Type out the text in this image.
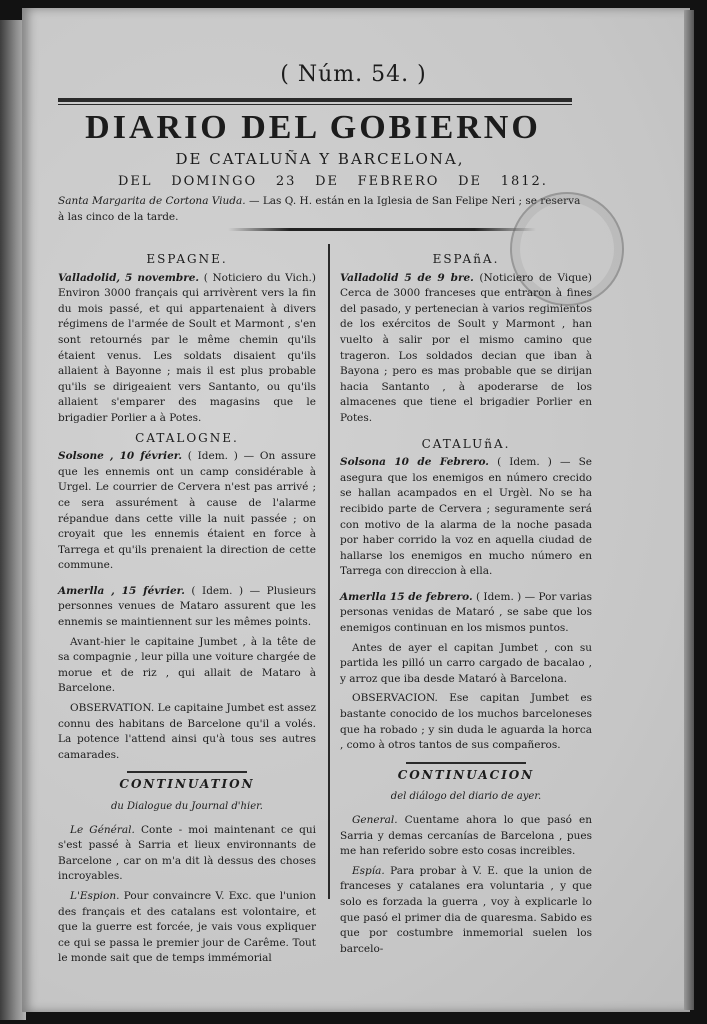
( Núm. 54. )
DIARIO DEL GOBIERNO
DE CATALUÑA Y BARCELONA,
DEL DOMINGO 23 DE FEBRERO DE 1812.
Santa Margarita de Cortona Viuda. — Las Q. H. están en la Iglesia de San Felipe Neri ; se reserva à las cinco de la tarde.
ESPAGNE.
Valladolid, 5 novembre. ( Noticiero du Vich.) Environ 3000 français qui arrivèrent vers la fin du mois passé, et qui appartenaient à divers régimens de l'armée de Soult et Marmont , s'en sont retournés par le même chemin qu'ils étaient venus. Les soldats disaient qu'ils allaient à Bayonne ; mais il est plus probable qu'ils se dirigeaient vers Santanto, ou qu'ils allaient s'emparer des magasins que le brigadier Porlier a à Potes.
CATALOGNE.
Solsone , 10 février. ( Idem. ) — On assure que les ennemis ont un camp considérable à Urgel. Le courrier de Cervera n'est pas arrivé ; ce sera assurément à cause de l'alarme répandue dans cette ville la nuit passée ; on croyait que les ennemis étaient en force à Tarrega et qu'ils prenaient la direction de cette commune.
Amerlla , 15 février. ( Idem. ) — Plusieurs personnes venues de Mataro assurent que les ennemis se maintiennent sur les mêmes points.
Avant-hier le capitaine Jumbet , à la tête de sa compagnie , leur pilla une voiture chargée de morue et de riz , qui allait de Mataro à Barcelone.
OBSERVATION. Le capitaine Jumbet est assez connu des habitans de Barcelone qu'il a volés. La potence l'attend ainsi qu'à tous ses autres camarades.
CONTINUATION
du Dialogue du Journal d'hier.
Le Général. Conte - moi maintenant ce qui s'est passé à Sarria et lieux environnants de Barcelone , car on m'a dit là dessus des choses incroyables.
L'Espion. Pour convaincre V. Exc. que l'union des français et des catalans est volontaire, et que la guerre est forcée, je vais vous expliquer ce qui se passa le premier jour de Carême. Tout le monde sait que de temps immémorial
ESPAñA.
Valladolid 5 de 9 bre. (Noticiero de Vique) Cerca de 3000 franceses que entraron à fines del pasado, y pertenecian à varios regimientos de los exércitos de Soult y Marmont , han vuelto à salir por el mismo camino que trageron. Los soldados decian que iban à Bayona ; pero es mas probable que se dirijan hacia Santanto , à apoderarse de los almacenes que tiene el brigadier Porlier en Potes.
CATALUñA.
Solsona 10 de Febrero. ( Idem. ) — Se asegura que los enemigos en número crecido se hallan acampados en el Urgèl. No se ha recibido parte de Cervera ; seguramente será con motivo de la alarma de la noche pasada por haber corrido la voz en aquella ciudad de hallarse los enemigos en mucho número en Tarrega con direccion à ella.
Amerlla 15 de febrero. ( Idem. ) — Por varias personas venidas de Mataró , se sabe que los enemigos continuan en los mismos puntos.
Antes de ayer el capitan Jumbet , con su partida les pilló un carro cargado de bacalao , y arroz que iba desde Mataró à Barcelona.
OBSERVACION. Ese capitan Jumbet es bastante conocido de los muchos barceloneses que ha robado ; y sin duda le aguarda la horca , como à otros tantos de sus compañeros.
CONTINUACION
del diálogo del diario de ayer.
General. Cuentame ahora lo que pasó en Sarria y demas cercanías de Barcelona , pues me han referido sobre esto cosas increibles.
Espía. Para probar à V. E. que la union de franceses y catalanes era voluntaria , y que solo es forzada la guerra , voy à explicarle lo que pasó el primer dia de quaresma. Sabido es que por costumbre inmemorial suelen los barcelo-
